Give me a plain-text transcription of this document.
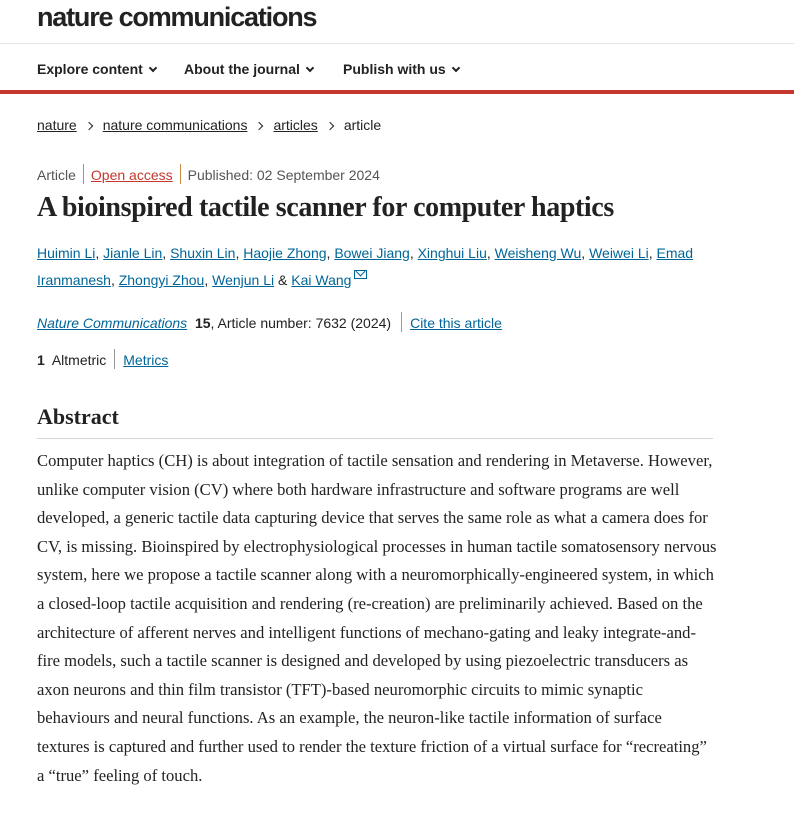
nature communications
Explore content	About the journal	Publish with us
nature nature communications articles article
Article Open access Published: 02 September 2024
A bioinspired tactile scanner for computer haptics
Huimin Li, Jianle Lin, Shuxin Lin, Haojie Zhong, Bowei Jiang, Xinghui Liu, Weisheng Wu, Weiwei Li, Emad Iranmanesh, Zhongyi Zhou, Wenjun Li & Kai Wang
Nature Communications 15, Article number: 7632 (2024) Cite this article
1 Altmetric Metrics
Abstract

Computer haptics (CH) is about integration of tactile sensation and rendering in Metaverse. However, unlike computer vision (CV) where both hardware infrastructure and software programs are well developed, a generic tactile data capturing device that serves the same role as what a camera does for CV, is missing. Bioinspired by electrophysiological processes in human tactile somatosensory nervous system, here we propose a tactile scanner along with a neuromorphically-engineered system, in which a closed-loop tactile acquisition and rendering (re-creation) are preliminarily achieved. Based on the architecture of afferent nerves and intelligent functions of mechano-gating and leaky integrate-and-fire models, such a tactile scanner is designed and developed by using piezoelectric transducers as axon neurons and thin film transistor (TFT)-based neuromorphic circuits to mimic synaptic behaviours and neural functions. As an example, the neuron-like tactile information of surface textures is captured and further used to render the texture friction of a virtual surface for “recreating” a “true” feeling of touch.
